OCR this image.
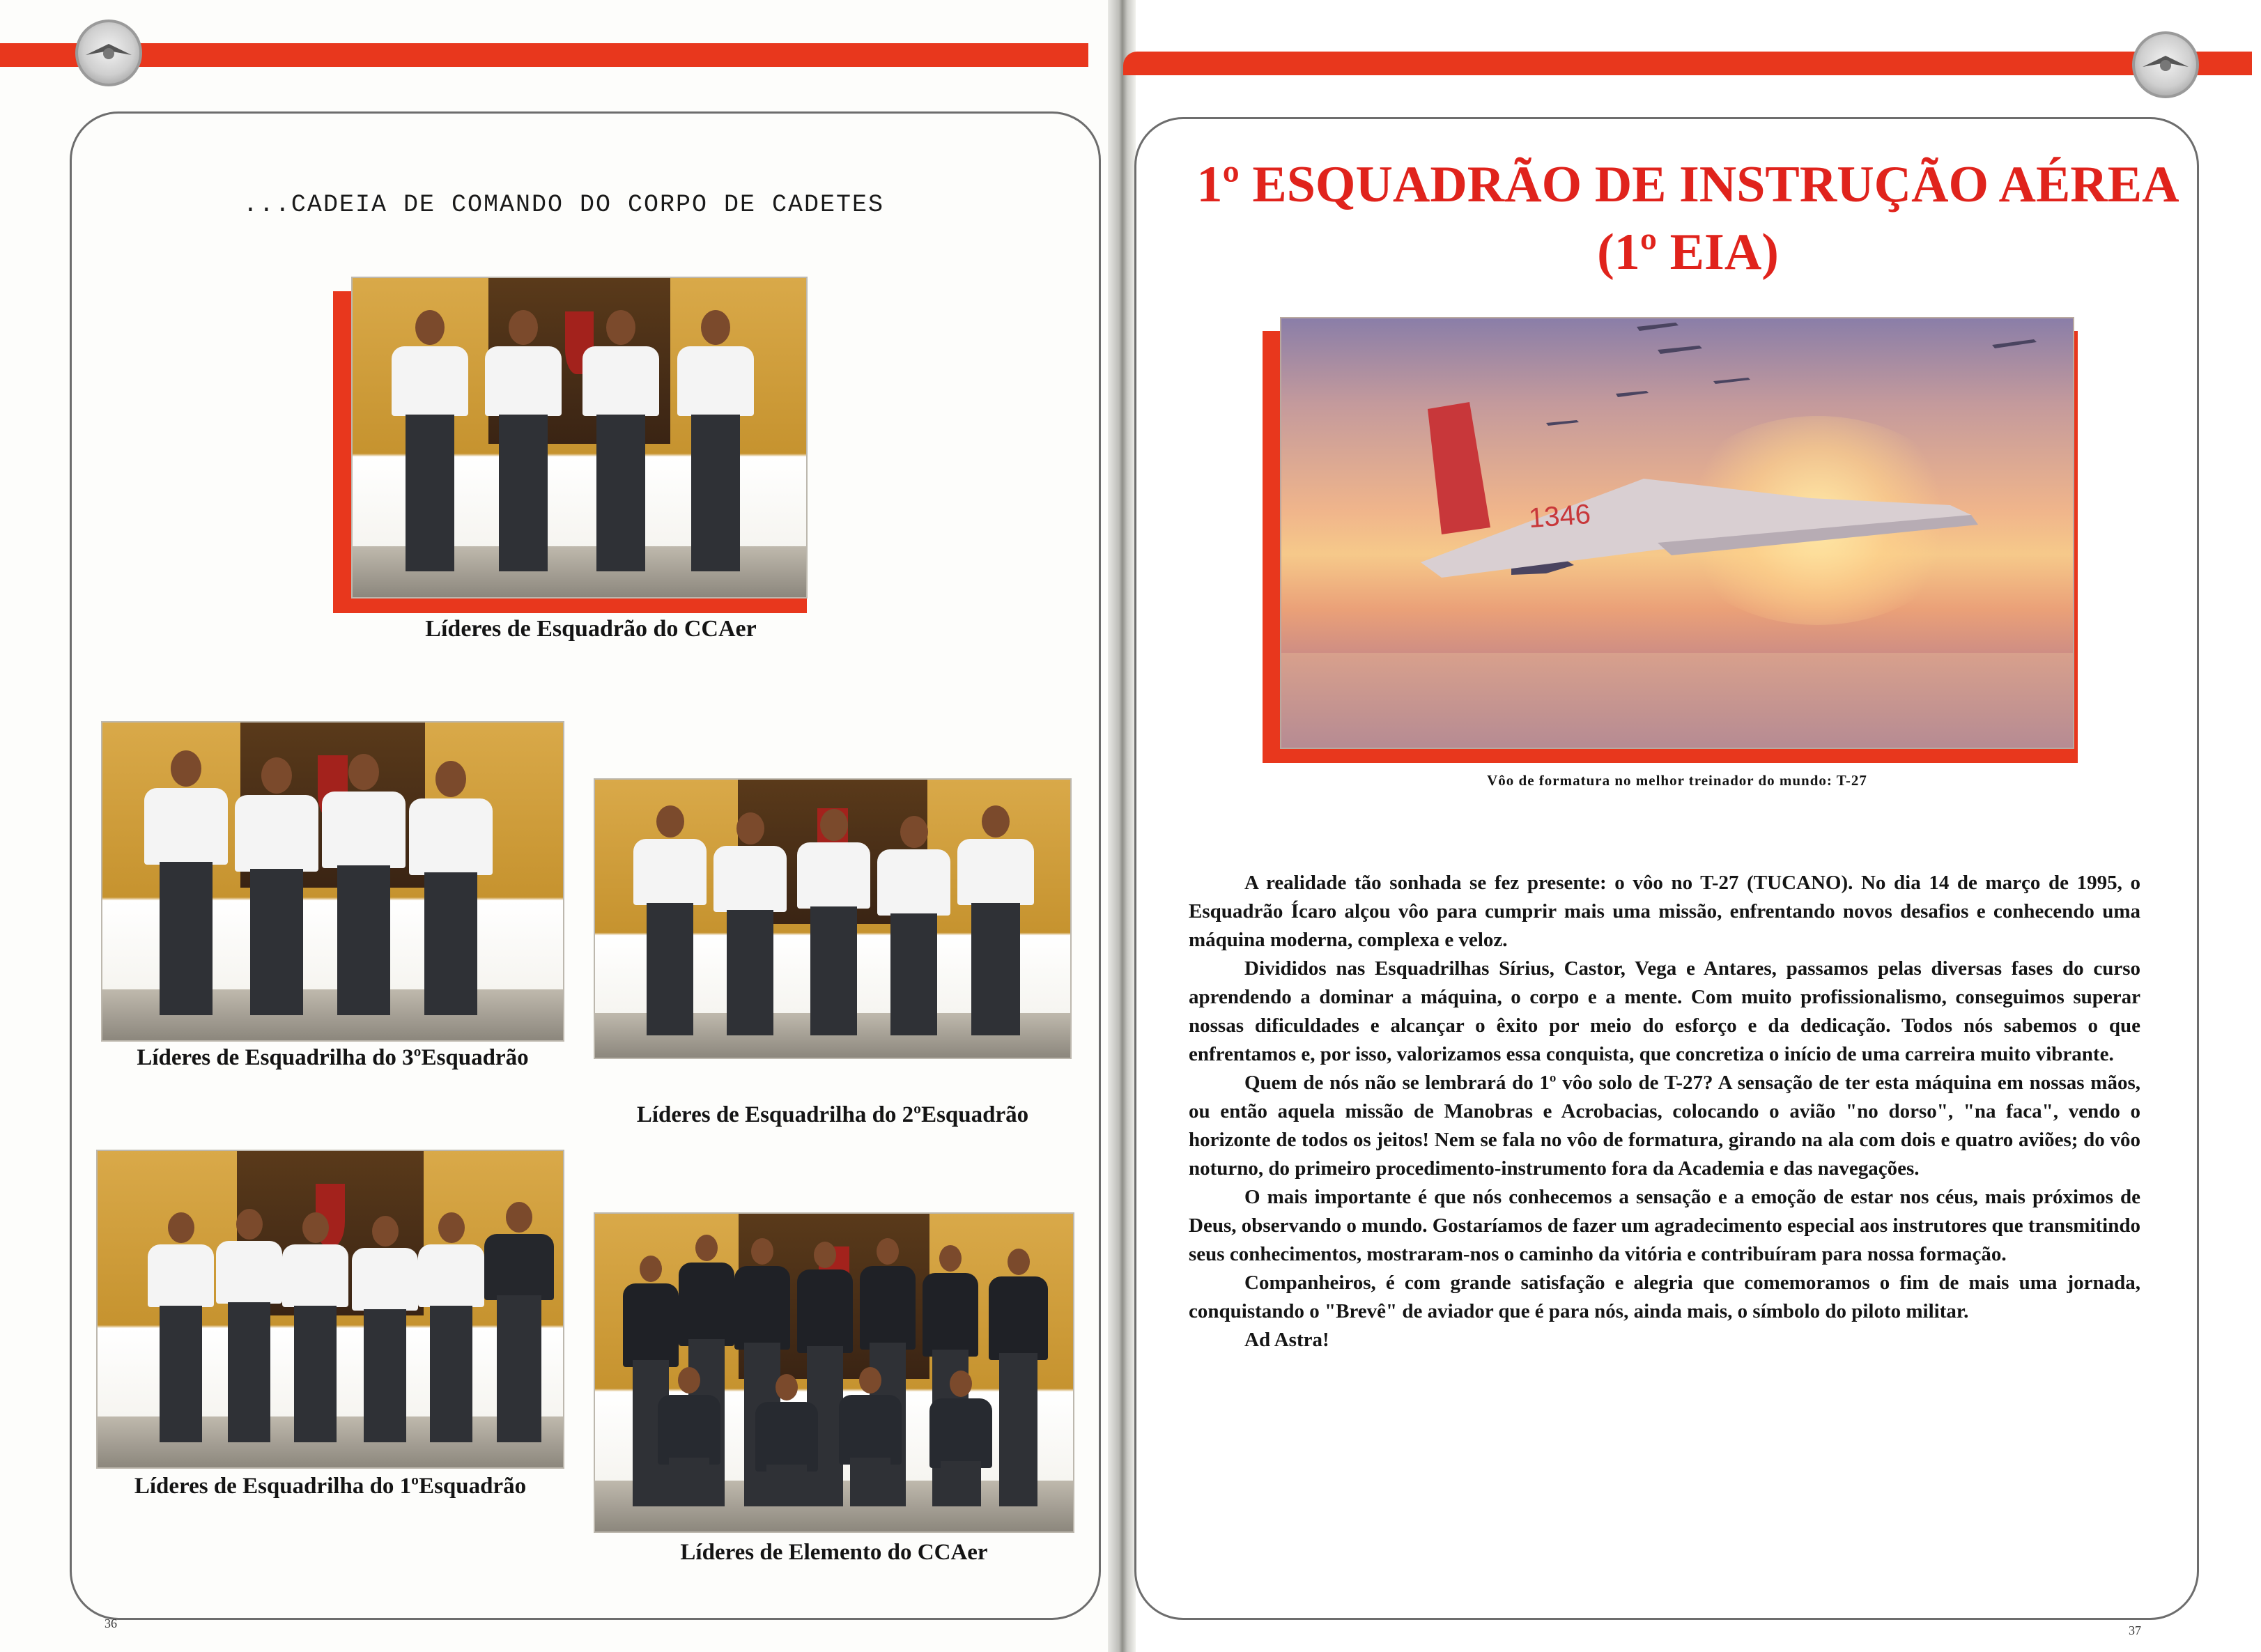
...CADEIA DE COMANDO DO CORPO DE CADETES
Líderes de Esquadrão do CCAer
Líderes de Esquadrilha do 3ºEsquadrão
Líderes de Esquadrilha do 2ºEsquadrão
Líderes de Esquadrilha do 1ºEsquadrão
Líderes de Elemento do CCAer
36
1º ESQUADRÃO DE INSTRUÇÃO AÉREA
(1º EIA)
1346
Vôo de formatura no melhor treinador do mundo: T-27

A realidade tão sonhada se fez presente: o vôo no T-27 (TUCANO). No dia 14 de março de 1995, o Esquadrão Ícaro alçou vôo para cumprir mais uma missão, enfrentando novos desafios e conhecendo uma máquina moderna, complexa e veloz.

Divididos nas Esquadrilhas Sírius, Castor, Vega e Antares, passamos pelas diversas fases do curso aprendendo a dominar a máquina, o corpo e a mente. Com muito profissionalismo, conseguimos superar nossas dificuldades e alcançar o êxito por meio do esforço e da dedicação. Todos nós sabemos o que enfrentamos e, por isso, valorizamos essa conquista, que concretiza o início de uma carreira muito vibrante.

Quem de nós não se lembrará do 1º vôo solo de T-27? A sensação de ter esta máquina em nossas mãos, ou então aquela missão de Manobras e Acrobacias, colocando o avião "no dorso", "na faca", vendo o horizonte de todos os jeitos! Nem se fala no vôo de formatura, girando na ala com dois e quatro aviões; do vôo noturno, do primeiro procedimento-instrumento fora da Academia e das navegações.

O mais importante é que nós conhecemos a sensação e a emoção de estar nos céus, mais próximos de Deus, observando o mundo. Gostaríamos de fazer um agradecimento especial aos instrutores que transmitindo seus conhecimentos, mostraram-nos o caminho da vitória e contribuíram para nossa formação.

Companheiros, é com grande satisfação e alegria que comemoramos o fim de mais uma jornada, conquistando o "Brevê" de aviador que é para nós, ainda mais, o símbolo do piloto militar.

Ad Astra!

37
